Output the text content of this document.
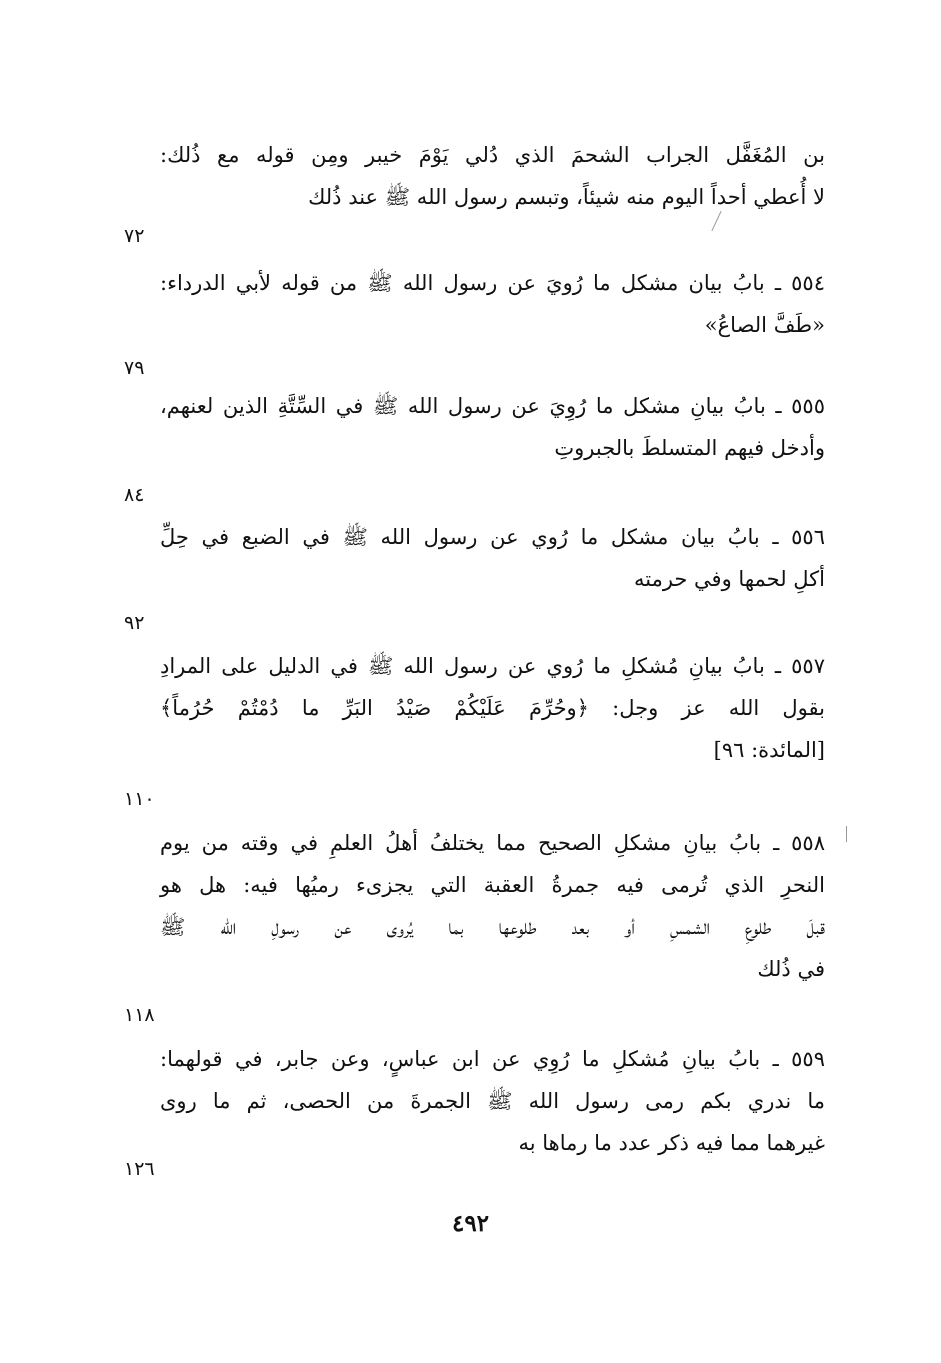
بن المُغَفَّل الجراب الشحمَ الذي دُلي يَوْمَ خيبر ومِن قوله مع ذُلك:
لا أُعطي أحداً اليوم منه شيئاً، وتبسم رسول الله ﷺ عند ذُلك
٧٢
٥٥٤ ـ بابُ بيان مشكل ما رُويَ عن رسول الله ﷺ من قوله لأبي الدرداء:
«طَفَّ الصاعُ»
٧٩
٥٥٥ ـ بابُ بيانِ مشكل ما رُوِيَ عن رسول الله ﷺ في السِّتَّةِ الذين لعنهم،
وأدخل فيهم المتسلطَ بالجبروتِ
٨٤
٥٥٦ ـ بابُ بيان مشكل ما رُوي عن رسول الله ﷺ في الضبع في حِلِّ
أكلِ لحمها وفي حرمته
٩٢
٥٥٧ ـ بابُ بيانِ مُشكلِ ما رُوي عن رسول الله ﷺ في الدليل على المرادِ
بقول الله عز وجل: ﴿وحُرِّمَ عَلَيْكُمْ صَيْدُ البَرِّ ما دُمْتُمْ حُرُماً﴾
[المائدة: ٩٦]
١١٠
٥٥٨ ـ بابُ بيانِ مشكلِ الصحيح مما يختلفُ أهلُ العلمِ في وقته من يوم
النحرِ الذي تُرمى فيه جمرةُ العقبة التي يجزىء رميُها فيه: هل هو
قبلَ طلوعِ الشمسِ أو بعد طلوعها بما يُروى عن رسولِ الله ﷺ
في ذُلك
١١٨
٥٥٩ ـ بابُ بيانِ مُشكلِ ما رُوِي عن ابن عباسٍ، وعن جابر، في قولهما:
ما ندري بكم رمى رسول الله ﷺ الجمرةَ من الحصى، ثم ما روى
غيرهما مما فيه ذكر عدد ما رماها به
١٢٦
٤٩٢
